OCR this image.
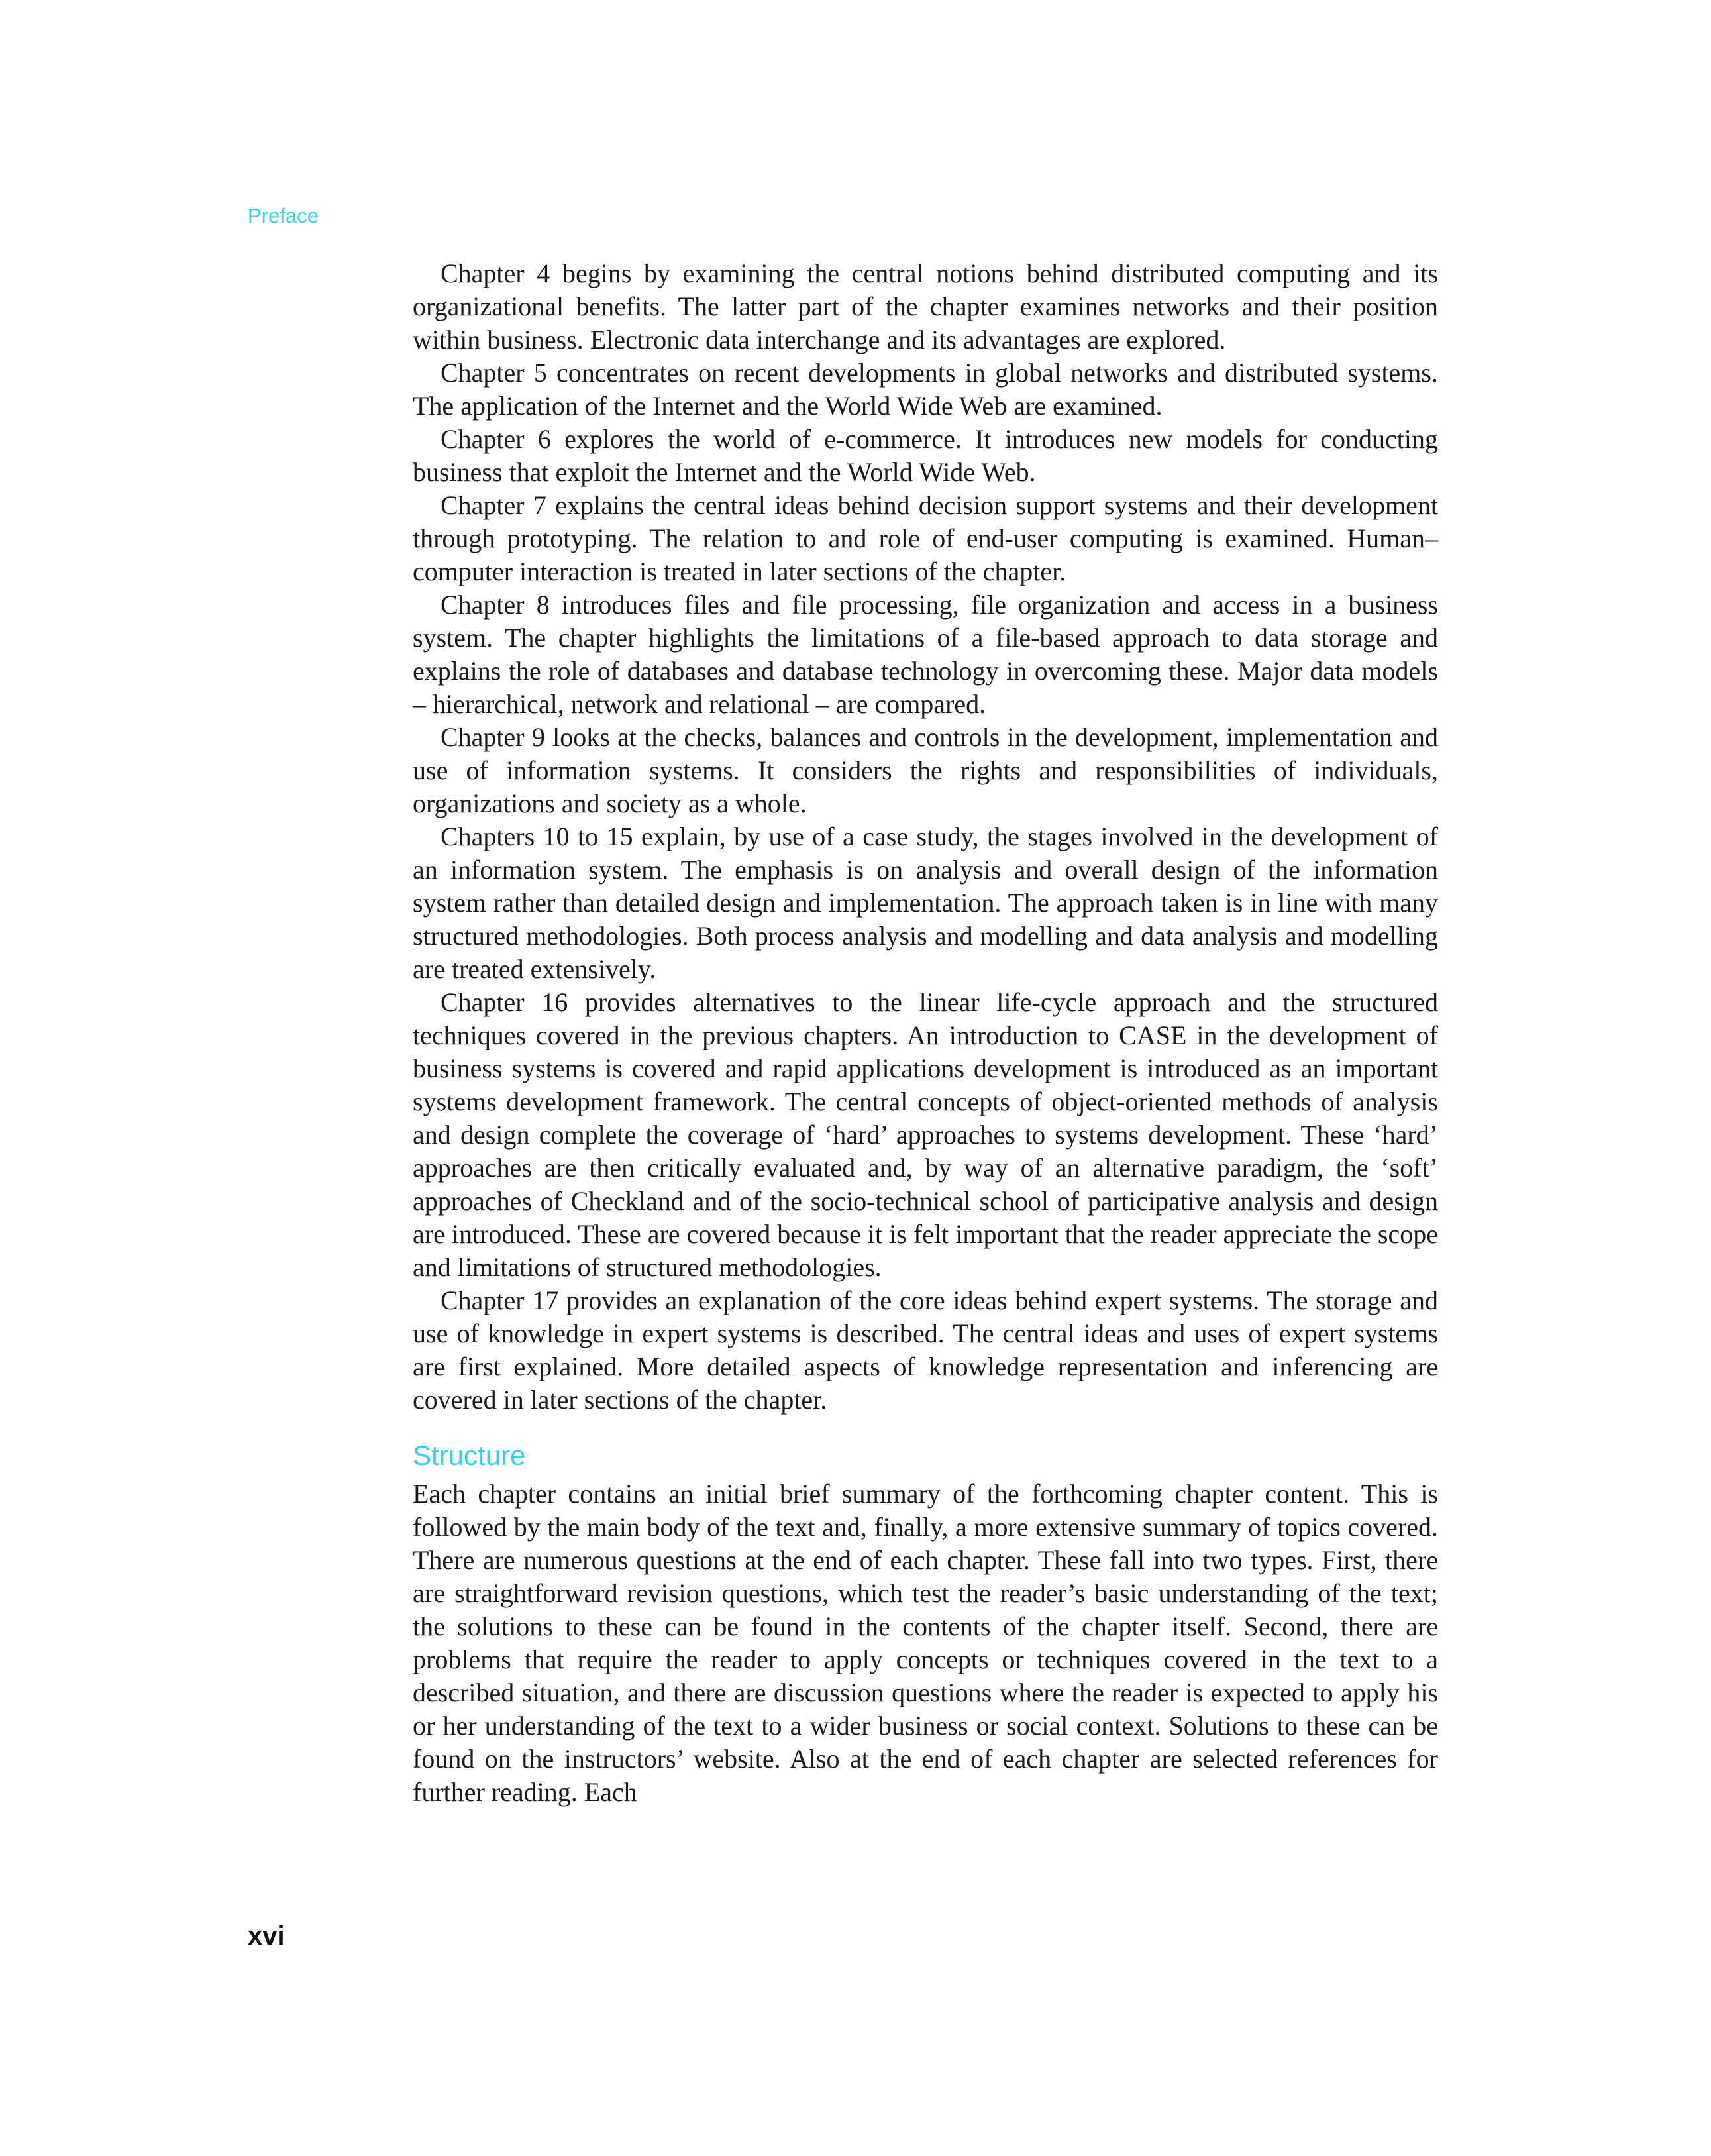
Preface

Chapter 4 begins by examining the central notions behind distributed computing and its organizational benefits. The latter part of the chapter examines networks and their position within business. Electronic data interchange and its advantages are explored.

Chapter 5 concentrates on recent developments in global networks and distributed systems. The application of the Internet and the World Wide Web are examined.

Chapter 6 explores the world of e-commerce. It introduces new models for conducting business that exploit the Internet and the World Wide Web.

Chapter 7 explains the central ideas behind decision support systems and their development through prototyping. The relation to and role of end-user computing is examined. Human–computer interaction is treated in later sections of the chapter.

Chapter 8 introduces files and file processing, file organization and access in a business system. The chapter highlights the limitations of a file-based approach to data storage and explains the role of databases and database technology in overcoming these. Major data models – hierarchical, network and relational – are compared.

Chapter 9 looks at the checks, balances and controls in the development, implementation and use of information systems. It considers the rights and responsibilities of individuals, organizations and society as a whole.

Chapters 10 to 15 explain, by use of a case study, the stages involved in the development of an information system. The emphasis is on analysis and overall design of the information system rather than detailed design and implementation. The approach taken is in line with many structured methodologies. Both process analysis and modelling and data analysis and modelling are treated extensively.

Chapter 16 provides alternatives to the linear life-cycle approach and the structured techniques covered in the previous chapters. An introduction to CASE in the development of business systems is covered and rapid applications development is introduced as an important systems development framework. The central concepts of object-oriented methods of analysis and design complete the coverage of ‘hard’ approaches to systems development. These ‘hard’ approaches are then critically evaluated and, by way of an alternative paradigm, the ‘soft’ approaches of Checkland and of the socio-technical school of participative analysis and design are introduced. These are covered because it is felt important that the reader appreciate the scope and limitations of structured methodologies.

Chapter 17 provides an explanation of the core ideas behind expert systems. The storage and use of knowledge in expert systems is described. The central ideas and uses of expert systems are first explained. More detailed aspects of knowledge representation and inferencing are covered in later sections of the chapter.

Structure

Each chapter contains an initial brief summary of the forthcoming chapter content. This is followed by the main body of the text and, finally, a more extensive summary of topics covered. There are numerous questions at the end of each chapter. These fall into two types. First, there are straightforward revision questions, which test the reader’s basic understanding of the text; the solutions to these can be found in the contents of the chapter itself. Second, there are problems that require the reader to apply concepts or techniques covered in the text to a described situation, and there are discussion questions where the reader is expected to apply his or her understanding of the text to a wider business or social context. Solutions to these can be found on the instructors’ website. Also at the end of each chapter are selected references for further reading. Each

xvi
